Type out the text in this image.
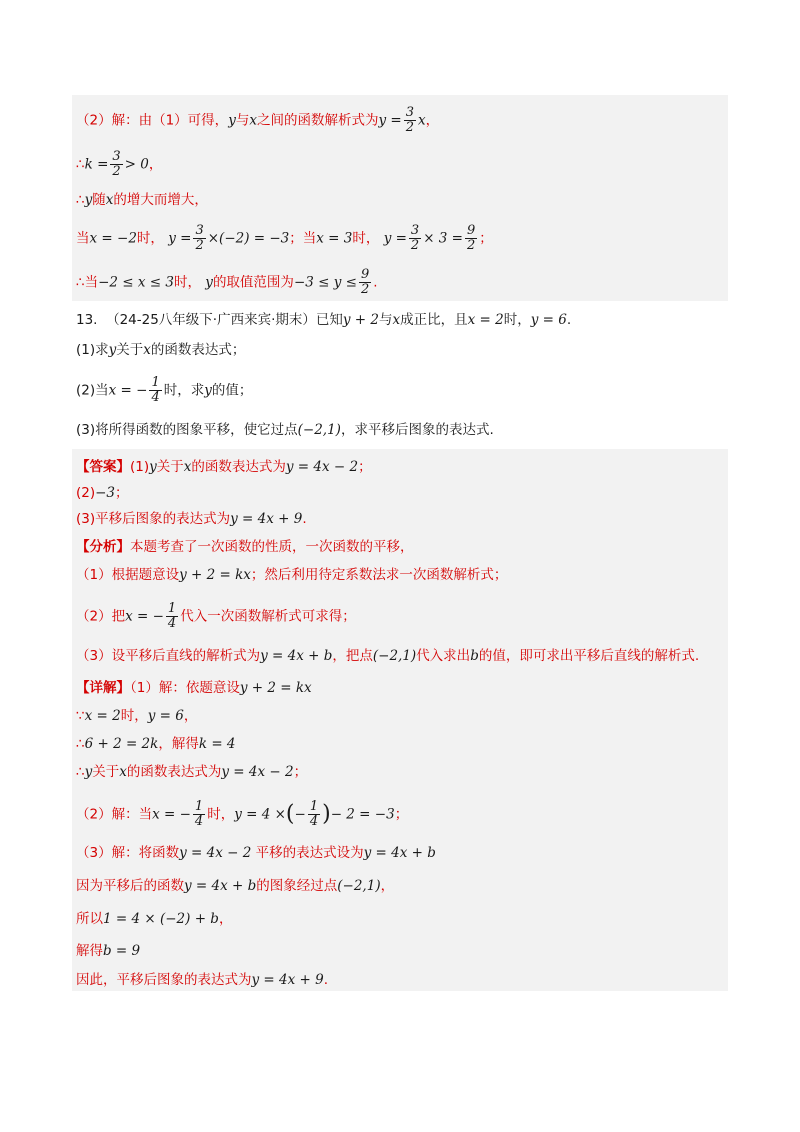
（2）解：由（1）可得，y与x之间的函数解析式为$y = \frac{3}{2}$ x，
∴k = $\frac{3}{2} > 0$，
∴y随x的增大而增大，
当x = −2时， $y = \frac{3}{2} \times(-2) = -3$；当x = 3时， $y = \frac{3}{2} \times 3 = \frac{9}{2}$ ；
∴当−2 ≤ x ≤ 3时， y的取值范围为$-3 \le y \le \frac{9}{2}$ .
13. （24-25八年级下·广西来宾·期末）已知y + 2与x成正比，且x = 2时，y = 6.
(1)求y关于x的函数表达式；
(2)当x = − $\frac{1}{4}$ 时，求y的值；
(3)将所得函数的图象平移，使它过点(−2,1)，求平移后图象的表达式.
【答案】(1)y关于x的函数表达式为y = 4x − 2；
(2)−3；
(3)平移后图象的表达式为y = 4x + 9.
【分析】本题考查了一次函数的性质，一次函数的平移，
（1）根据题意设y + 2 = kx；然后利用待定系数法求一次函数解析式；
（2）把x = − $\frac{1}{4}$ 代入一次函数解析式可求得；
（3）设平移后直线的解析式为y = 4x + b，把点(−2,1)代入求出b的值，即可求出平移后直线的解析式.
【详解】（1）解：依题意设y + 2 = kx
∵x = 2时，y = 6，
∴6 + 2 = 2k，解得k = 4
∴y关于x的函数表达式为y = 4x − 2；
（2）解：当x = − $\frac{1}{4}$ 时，y = 4 ×(− $\frac{1}{4}$ )− 2 = −3；
（3）解：将函数y = 4x − 2 平移的表达式设为y = 4x + b
因为平移后的函数y = 4x + b的图象经过点(−2,1)，
所以1 = 4 × (−2) + b，
解得b = 9
因此，平移后图象的表达式为y = 4x + 9.
